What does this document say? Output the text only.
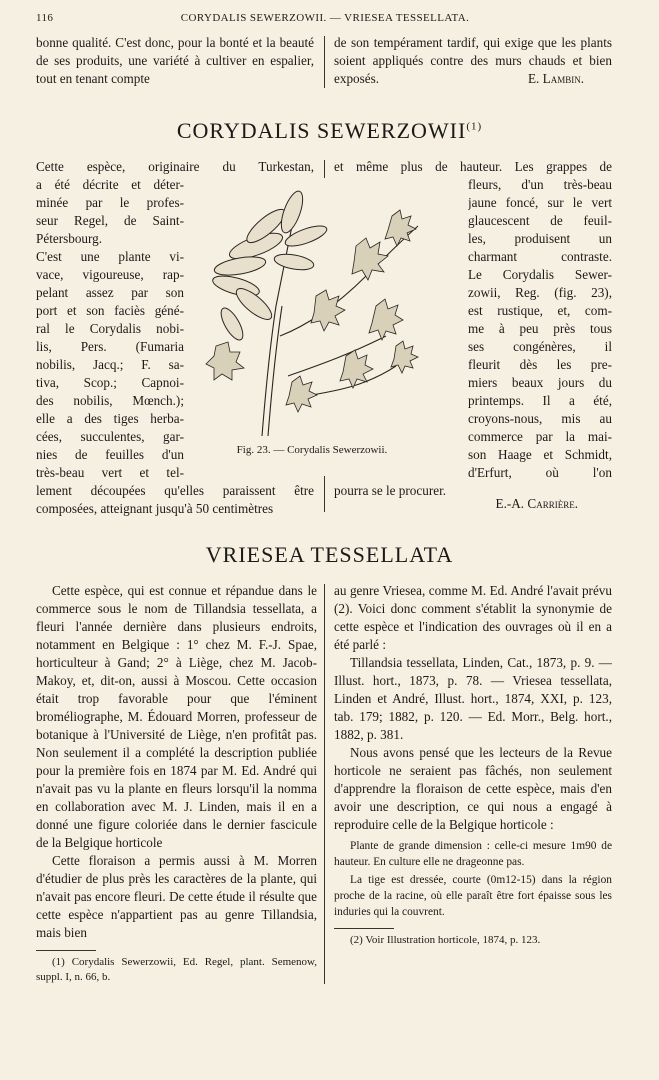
116	CORYDALIS SEWERZOWII. — VRIESEA TESSELLATA.

bonne qualité. C'est donc, pour la bonté et la beauté de ses produits, une variété à cultiver en espalier, tout en tenant compte

de son tempérament tardif, qui exige que les plants soient appliqués contre des murs chauds et bien exposés.	E. Lambin.
CORYDALIS SEWERZOWII$^{(1)}$
Cette espèce, originaire du Turkestan,
a été décrite et déter-
minée par le profes-
seur Regel, de Saint-
Pétersbourg.
C'est une plante vi-
vace, vigoureuse, rap-
pelant assez par son
port et son faciès géné-
ral le Corydalis nobi-
lis, Pers. (Fumaria
nobilis, Jacq.; F. sa-
tiva, Scop.; Capnoi-
des nobilis, Mœnch.);
elle a des tiges herba-
cées, succulentes, gar-
nies de feuilles d'un
très-beau vert et tel-
lement découpées qu'elles paraissent être
composées, atteignant jusqu'à 50 centimètres
et même plus de hauteur. Les grappes de
fleurs, d'un très-beau
jaune foncé, sur le vert
glaucescent de feuil-
les, produisent un
charmant contraste.
Le Corydalis Sewer-
zowii, Reg. (fig. 23),
est rustique, et, com-
me à peu près tous
ses congénères, il
fleurit dès les pre-
miers beaux jours du
printemps. Il a été,
croyons-nous, mis au
commerce par la mai-
son Haage et Schmidt,
d'Erfurt, où l'on
pourra se le procurer.
Fig. 23. — Corydalis Sewerzowii.
E.-A. Carrière.
VRIESEA TESSELLATA

Cette espèce, qui est connue et répandue dans le commerce sous le nom de Tillandsia tessellata, a fleuri l'année dernière dans plusieurs endroits, notamment en Belgique : 1° chez M. F.-J. Spae, horticulteur à Gand; 2° à Liège, chez M. Jacob-Makoy, et, dit-on, aussi à Moscou. Cette occasion était trop favorable pour que l'éminent broméliographe, M. Édouard Morren, professeur de botanique à l'Université de Liège, n'en profitât pas. Non seulement il a complété la description publiée pour la première fois en 1874 par M. Ed. André qui n'avait pas vu la plante en fleurs lorsqu'il la nomma en collaboration avec M. J. Linden, mais il en a donné une figure coloriée dans le dernier fascicule de la Belgique horticole

Cette floraison a permis aussi à M. Morren d'étudier de plus près les caractères de la plante, qui n'avait pas encore fleuri. De cette étude il résulte que cette espèce n'appartient pas au genre Tillandsia, mais bien

(1) Corydalis Sewerzowii, Ed. Regel, plant. Semenow, suppl. I, n. 66, b.

au genre Vriesea, comme M. Ed. André l'avait prévu (2). Voici donc comment s'établit la synonymie de cette espèce et l'indication des ouvrages où il en a été parlé :

Tillandsia tessellata, Linden, Cat., 1873, p. 9. — Illust. hort., 1873, p. 78. — Vriesea tessellata, Linden et André, Illust. hort., 1874, XXI, p. 123, tab. 179; 1882, p. 120. — Ed. Morr., Belg. hort., 1882, p. 381.

Nous avons pensé que les lecteurs de la Revue horticole ne seraient pas fâchés, non seulement d'apprendre la floraison de cette espèce, mais d'en avoir une description, ce qui nous a engagé à reproduire celle de la Belgique horticole :

Plante de grande dimension : celle-ci mesure 1m90 de hauteur. En culture elle ne drageonne pas.

La tige est dressée, courte (0m12-15) dans la région proche de la racine, où elle paraît être fort épaisse sous les induries qui la couvrent.

(2) Voir Illustration horticole, 1874, p. 123.
